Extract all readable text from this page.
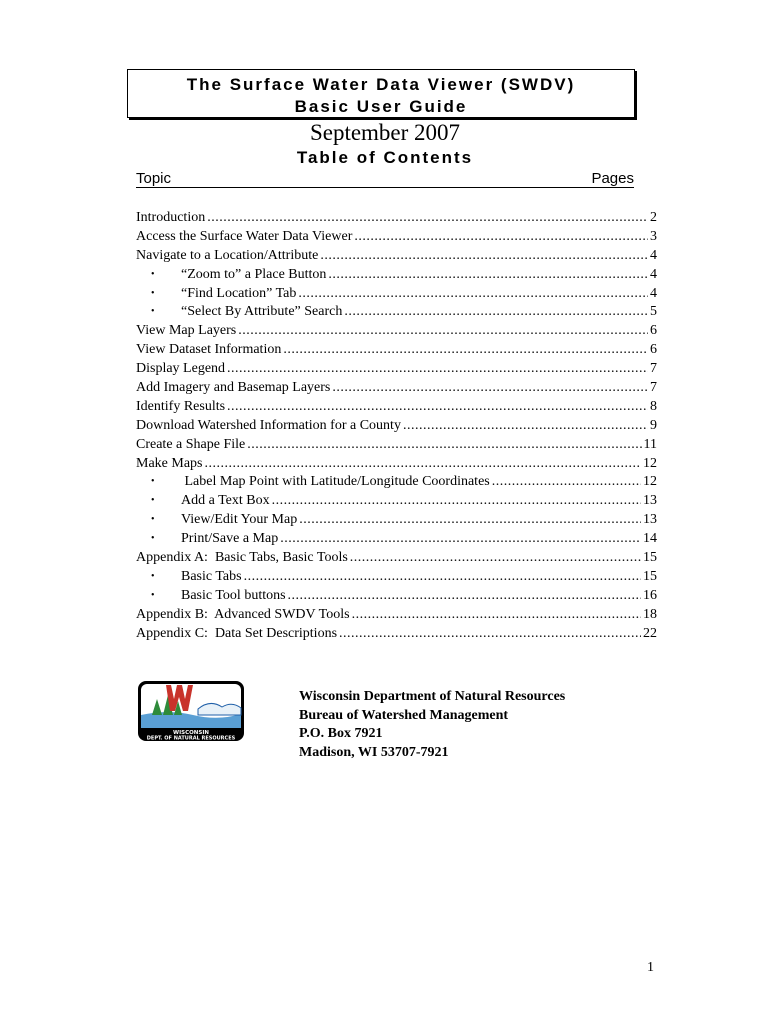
The Surface Water Data Viewer (SWDV)
Basic User Guide
September 2007
Table of Contents
Topic	Pages
Introduction .....	2
Access the Surface Water Data Viewer .....	3
Navigate to a Location/Attribute .....	4
• “Zoom to” a Place Button .....	4
• “Find Location” Tab .....	4
• “Select By Attribute” Search .....	5
View Map Layers .....	6
View Dataset Information .....	6
Display Legend .....	7
Add Imagery and Basemap Layers .....	7
Identify Results .....	8
Download Watershed Information for a County .....	9
Create a Shape File .....	11
Make Maps .....	12
• Label Map Point with Latitude/Longitude Coordinates .....	12
• Add a Text Box .....	13
• View/Edit Your Map .....	13
• Print/Save a Map .....	14
Appendix A:  Basic Tabs, Basic Tools .....	15
• Basic Tabs .....	15
• Basic Tool buttons .....	16
Appendix B:  Advanced SWDV Tools .....	18
Appendix C:  Data Set Descriptions .....	22
WISCONSIN
DEPT. OF NATURAL RESOURCES
Wisconsin Department of Natural Resources
Bureau of Watershed Management
P.O. Box 7921
Madison, WI 53707-7921
1
